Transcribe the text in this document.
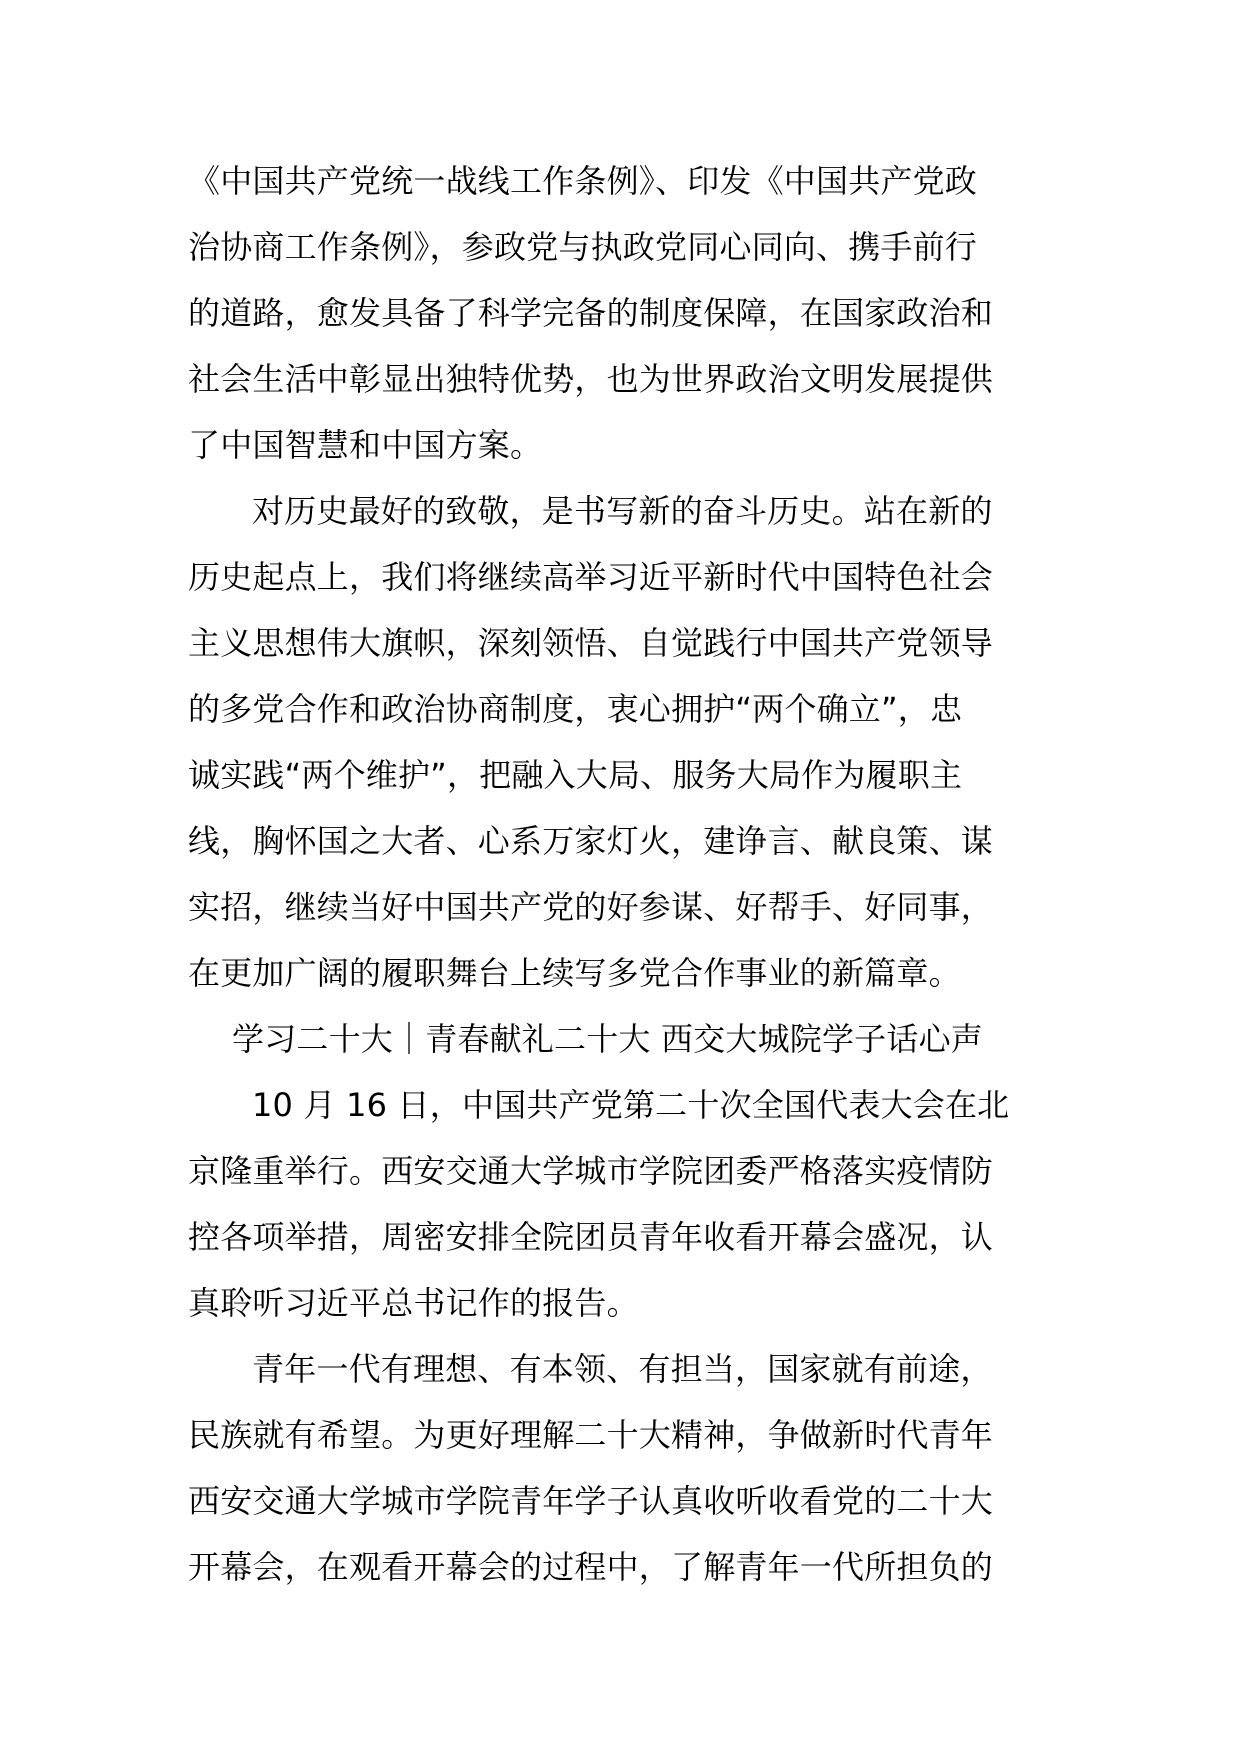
《中国共产党统一战线工作条例》、印发《中国共产党政
治协商工作条例》，参政党与执政党同心同向、携手前行
的道路，愈发具备了科学完备的制度保障，在国家政治和
社会生活中彰显出独特优势，也为世界政治文明发展提供
了中国智慧和中国方案。
对历史最好的致敬，是书写新的奋斗历史。站在新的
历史起点上，我们将继续高举习近平新时代中国特色社会
主义思想伟大旗帜，深刻领悟、自觉践行中国共产党领导
的多党合作和政治协商制度，衷心拥护“两个确立”，忠
诚实践“两个维护”，把融入大局、服务大局作为履职主
线，胸怀国之大者、心系万家灯火，建诤言、献良策、谋
实招，继续当好中国共产党的好参谋、好帮手、好同事，
在更加广阔的履职舞台上续写多党合作事业的新篇章。
学习二十大｜青春献礼二十大 西交大城院学子话心声
10 月 16 日，中国共产党第二十次全国代表大会在北
京隆重举行。西安交通大学城市学院团委严格落实疫情防
控各项举措，周密安排全院团员青年收看开幕会盛况，认
真聆听习近平总书记作的报告。
青年一代有理想、有本领、有担当，国家就有前途，
民族就有希望。为更好理解二十大精神，争做新时代青年
西安交通大学城市学院青年学子认真收听收看党的二十大
开幕会，在观看开幕会的过程中，了解青年一代所担负的
